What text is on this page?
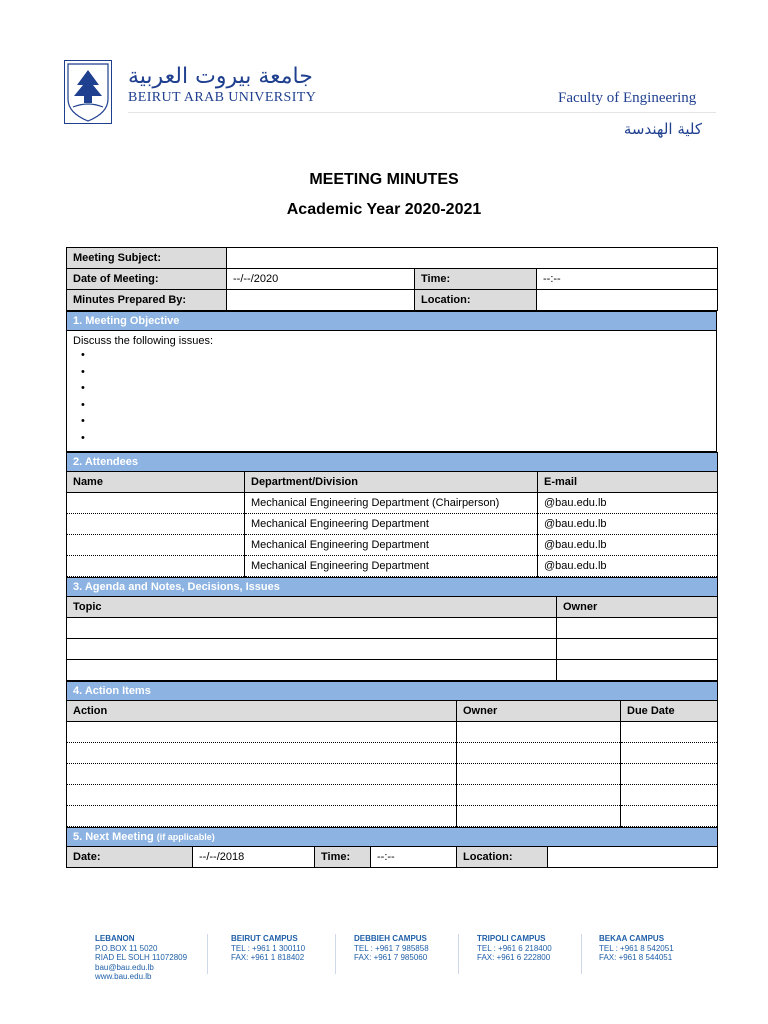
جامعة بيروت العربية
BEIRUT ARAB UNIVERSITY	Faculty of Engineering
كلية الهندسة
MEETING MINUTES
Academic Year 2020-2021
Meeting Subject:			
Date of Meeting:	--/--/2020	Time:	--:--
Minutes Prepared By:		Location:	
1. Meeting Objective

Discuss the following issues:
•
•
•
•
•
•
2. Attendees		
Name	Department/Division	E-mail
	Mechanical Engineering Department (Chairperson)	@bau.edu.lb
	Mechanical Engineering Department	@bau.edu.lb
	Mechanical Engineering Department	@bau.edu.lb
	Mechanical Engineering Department	@bau.edu.lb
3. Agenda and Notes, Decisions, Issues	
Topic	Owner

4. Action Items		
Action	Owner	Due Date

5. Next Meeting (if applicable)
Date:	--/--/2018	Time:	--:--	Location:	
LEBANON
P.O.BOX 11 5020
RIAD EL SOLH 11072809
bau@bau.edu.lb
www.bau.edu.lb
BEIRUT CAMPUS
TEL : +961 1 300110
FAX: +961 1 818402
DEBBIEH CAMPUS
TEL : +961 7 985858
FAX: +961 7 985060
TRIPOLI CAMPUS
TEL : +961 6 218400
FAX: +961 6 222800
BEKAA CAMPUS
TEL : +961 8 542051
FAX: +961 8 544051
